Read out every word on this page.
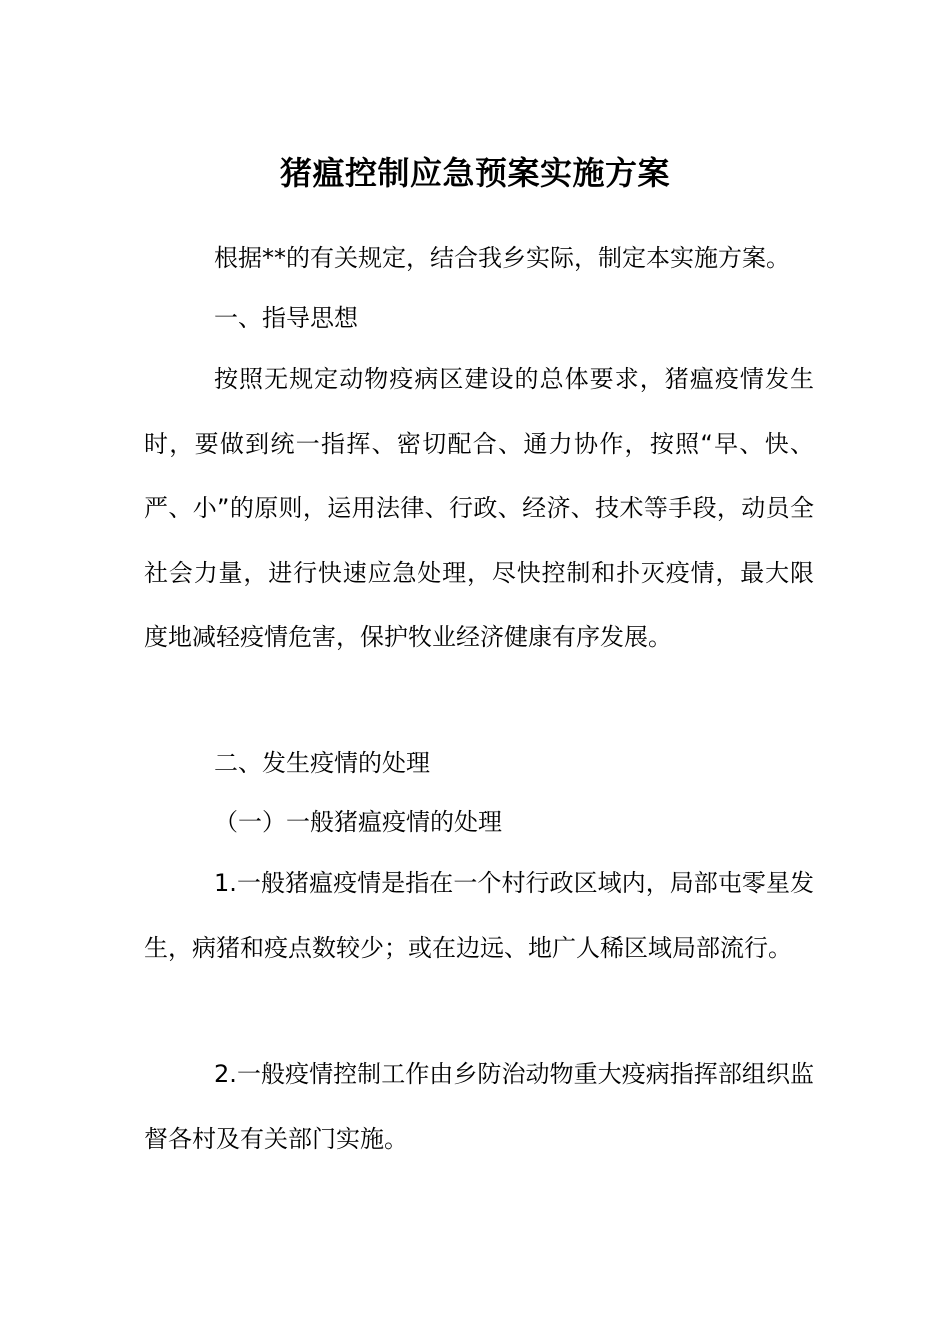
猪瘟控制应急预案实施方案

根据**的有关规定，结合我乡实际，制定本实施方案。

一、指导思想

按照无规定动物疫病区建设的总体要求，猪瘟疫情发生时，要做到统一指挥、密切配合、通力协作，按照“早、快、严、小”的原则，运用法律、行政、经济、技术等手段，动员全社会力量，进行快速应急处理，尽快控制和扑灭疫情，最大限度地减轻疫情危害，保护牧业经济健康有序发展。

二、发生疫情的处理

（一）一般猪瘟疫情的处理

1.一般猪瘟疫情是指在一个村行政区域内，局部屯零星发生，病猪和疫点数较少；或在边远、地广人稀区域局部流行。

2.一般疫情控制工作由乡防治动物重大疫病指挥部组织监督各村及有关部门实施。
